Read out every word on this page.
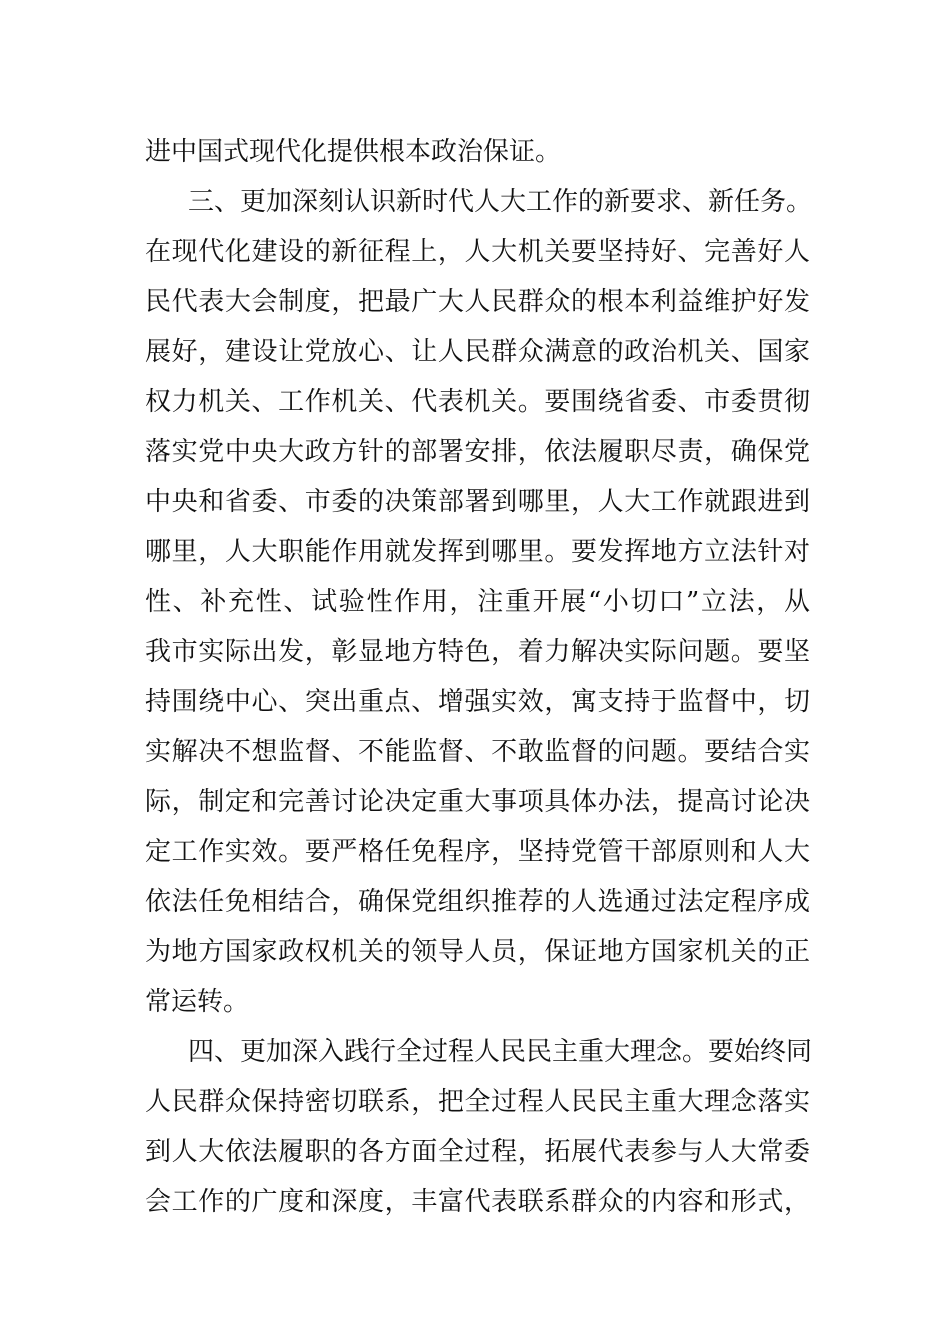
进中国式现代化提供根本政治保证。
三、更加深刻认识新时代人大工作的新要求、新任务。
在现代化建设的新征程上，人大机关要坚持好、完善好人
民代表大会制度，把最广大人民群众的根本利益维护好发
展好，建设让党放心、让人民群众满意的政治机关、国家
权力机关、工作机关、代表机关。要围绕省委、市委贯彻
落实党中央大政方针的部署安排，依法履职尽责，确保党
中央和省委、市委的决策部署到哪里，人大工作就跟进到
哪里，人大职能作用就发挥到哪里。要发挥地方立法针对
性、补充性、试验性作用，注重开展“小切口”立法，从
我市实际出发，彰显地方特色，着力解决实际问题。要坚
持围绕中心、突出重点、增强实效，寓支持于监督中，切
实解决不想监督、不能监督、不敢监督的问题。要结合实
际，制定和完善讨论决定重大事项具体办法，提高讨论决
定工作实效。要严格任免程序，坚持党管干部原则和人大
依法任免相结合，确保党组织推荐的人选通过法定程序成
为地方国家政权机关的领导人员，保证地方国家机关的正
常运转。
四、更加深入践行全过程人民民主重大理念。要始终同
人民群众保持密切联系，把全过程人民民主重大理念落实
到人大依法履职的各方面全过程，拓展代表参与人大常委
会工作的广度和深度，丰富代表联系群众的内容和形式，
